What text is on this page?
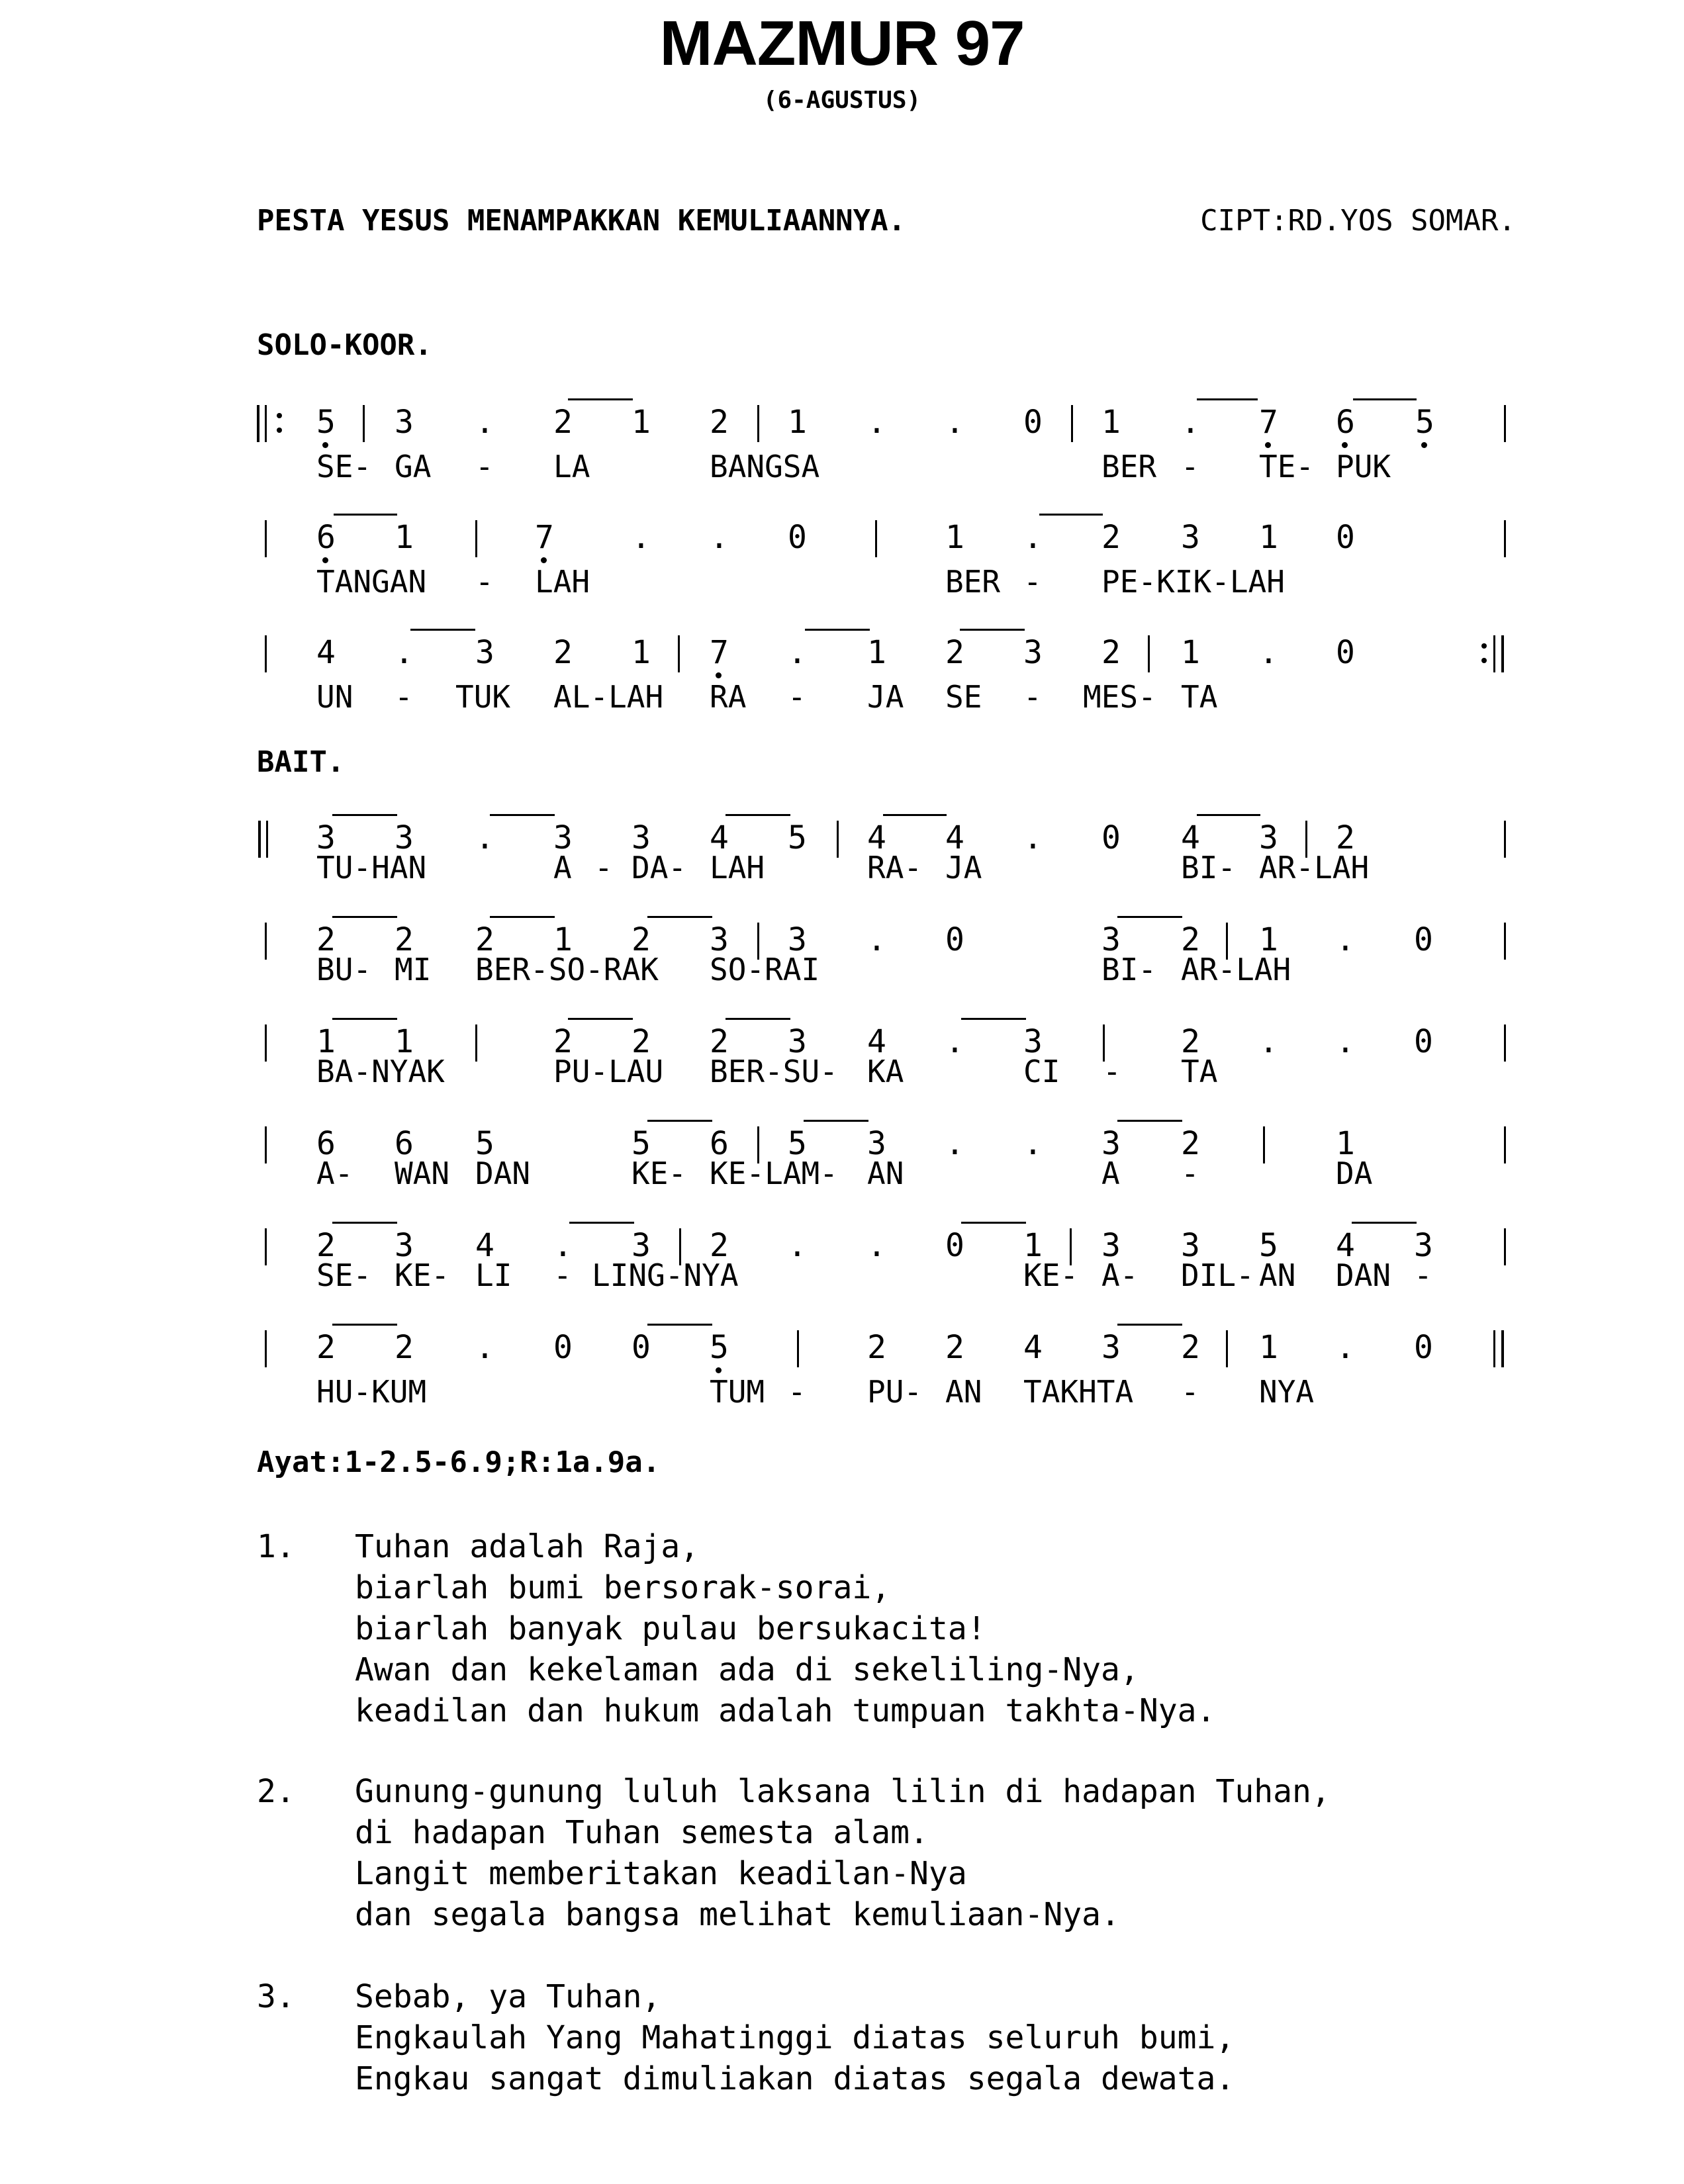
MAZMUR 97
(6-AGUSTUS)
PESTA YESUS MENAMPAKKAN KEMULIAANNYA.	CIPT:RD.YOS SOMAR.
SOLO-KOOR.
5 3 . 2 1 2 1 . . 0 1 . 7 6 5
SE- GA - LA	BANGSA	BER - TE- PUK
6 1	7 . . 0	1 . 2 3 1 0
TANGAN - LAH	BER - PE-KIK-LAH
4 . 3 2 1 7 . 1 2 3 2 1 . 0
UN - TUK AL-LAH RA - JA SE - MES- TA
BAIT.
3 3 . 3 3 4 5 4 4 . 0 4 3 2
TU-HAN	A - DA- LAH	RA- JA	BI- AR-LAH
2 2 2 1 2 3 3 . 0	3 2 1 . 0
BU- MI BER-SO-RAK SO-RAI	BI- AR-LAH
1 1	2 2 2 3 4 . 3	2 . . 0
BA-NYAK	PU-LAU BER-SU- KA	CI - TA
6 6 5	5 6 5 3 . . 3 2	1
A- WAN DAN	KE- KE-LAM- AN	A -	DA
2 3 4 . 3 2 . . 0 1 3 3 5 4 3
SE- KE- LI - LING-NYA	KE- A- DIL- AN DAN -
2 2 . 0 0 5	2 2 4 3 2 1 . 0
HU-KUM	TUM - PU- AN TAKHTA - NYA
Ayat:1-2.5-6.9;R:1a.9a.
1. Tuhan adalah Raja,
biarlah bumi bersorak-sorai,
biarlah banyak pulau bersukacita!
Awan dan kekelaman ada di sekeliling-Nya,
keadilan dan hukum adalah tumpuan takhta-Nya.
2. Gunung-gunung luluh laksana lilin di hadapan Tuhan,
di hadapan Tuhan semesta alam.
Langit memberitakan keadilan-Nya
dan segala bangsa melihat kemuliaan-Nya.
3. Sebab, ya Tuhan,
Engkaulah Yang Mahatinggi diatas seluruh bumi,
Engkau sangat dimuliakan diatas segala dewata.
